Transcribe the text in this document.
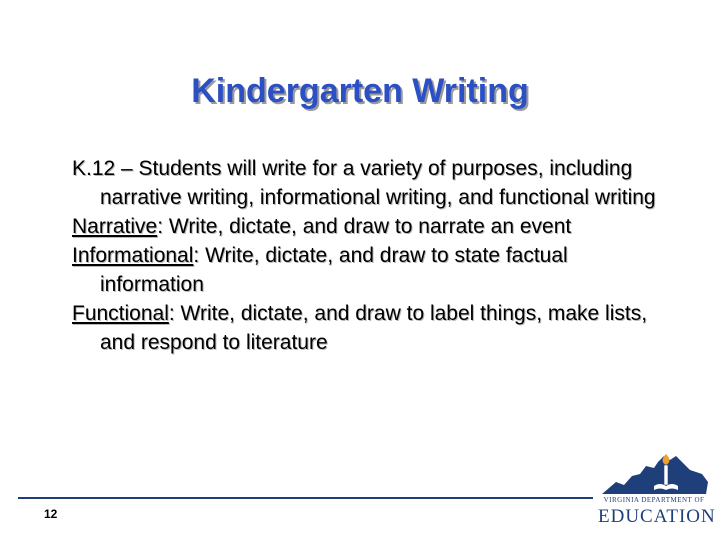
Kindergarten Writing

K.12 – Students will write for a variety of purposes, including narrative writing, informational writing, and functional writing

Narrative: Write, dictate, and draw to narrate an event

Informational: Write, dictate, and draw to state factual information

Functional: Write, dictate, and draw to label things, make lists, and respond to literature

12
VIRGINIA DEPARTMENT OF
EDUCATION
